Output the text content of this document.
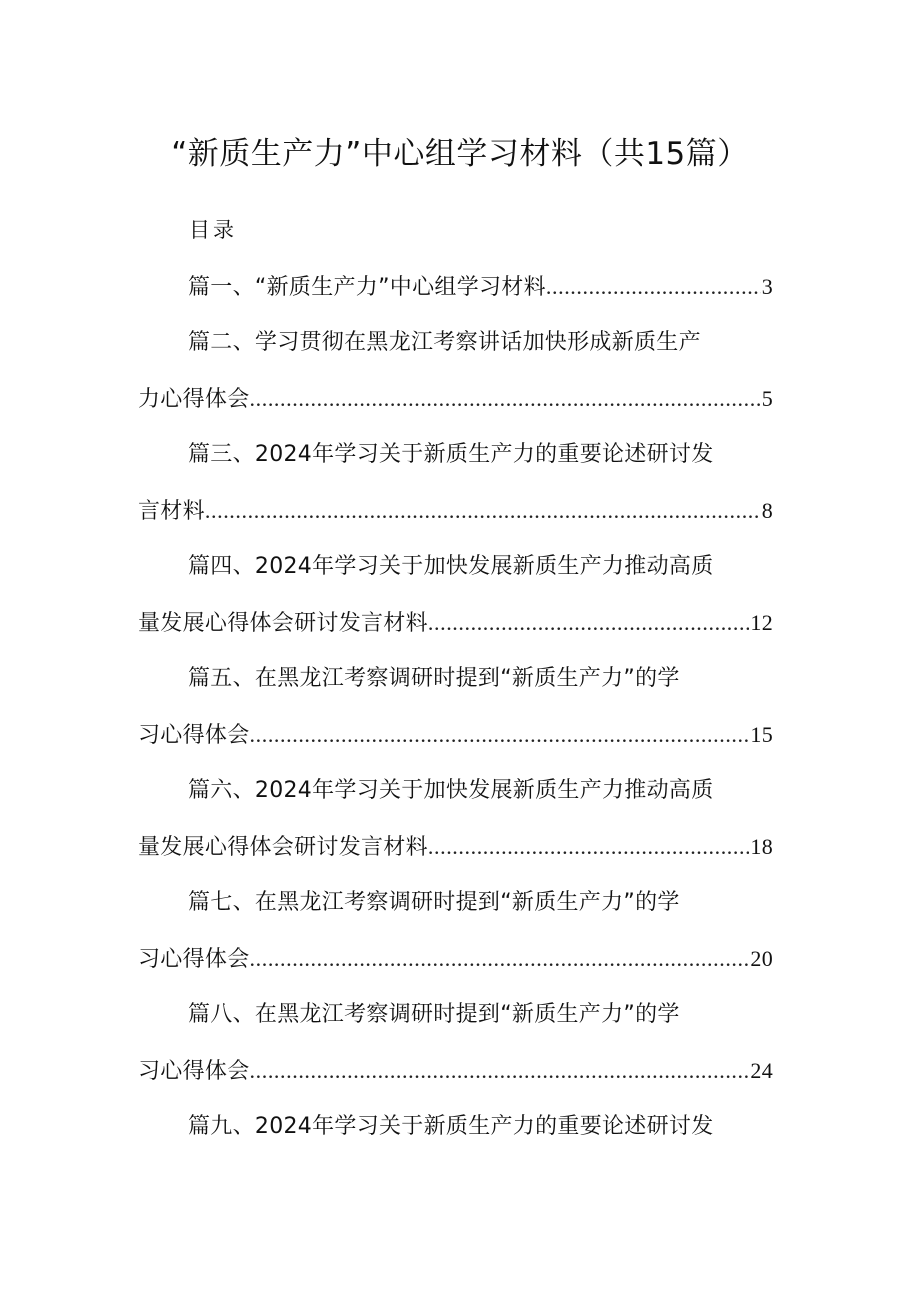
“新质生产力”中心组学习材料（共15篇）
目录
篇一、“新质生产力”中心组学习材料 .....	3
篇二、学习贯彻在黑龙江考察讲话加快形成新质生产
力心得体会 .....	5
篇三、2024年学习关于新质生产力的重要论述研讨发
言材料 .....	8
篇四、2024年学习关于加快发展新质生产力推动高质
量发展心得体会研讨发言材料 .....	12
篇五、在黑龙江考察调研时提到“新质生产力”的学
习心得体会 .....	15
篇六、2024年学习关于加快发展新质生产力推动高质
量发展心得体会研讨发言材料 .....	18
篇七、在黑龙江考察调研时提到“新质生产力”的学
习心得体会 .....	20
篇八、在黑龙江考察调研时提到“新质生产力”的学
习心得体会 .....	24
篇九、2024年学习关于新质生产力的重要论述研讨发
